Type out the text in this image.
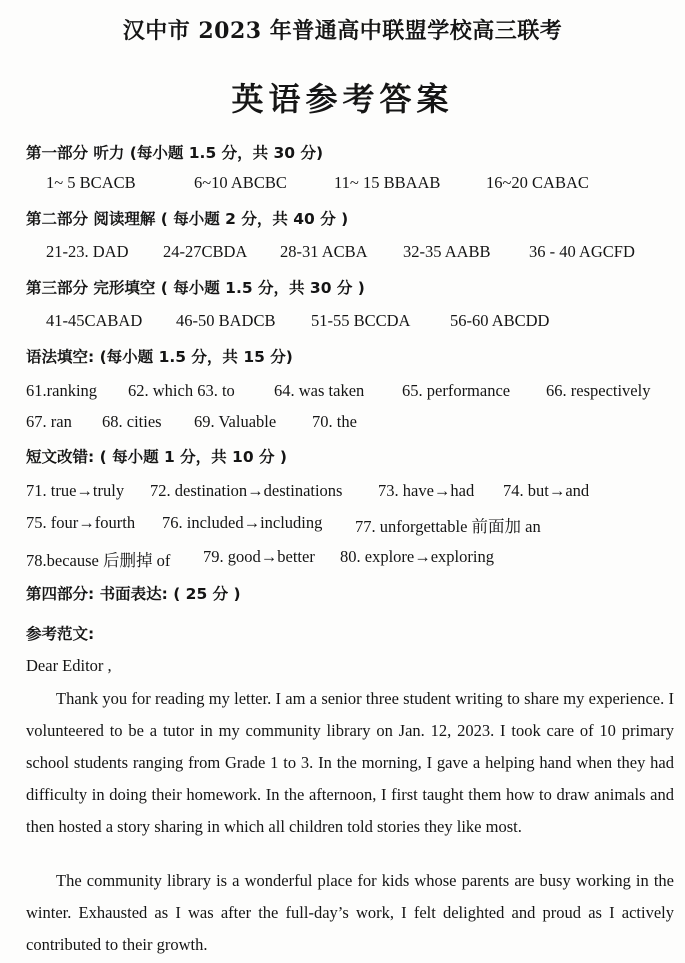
汉中市 2023 年普通高中联盟学校高三联考
英语参考答案
第一部分 听力 (每小题 1.5 分，共 30 分)
1~ 5 BCACB	6~10 ABCBC	11~ 15 BBAAB	16~20 CABAC
第二部分 阅读理解 ( 每小题 2 分，共 40 分 )
21-23. DAD 24-27CBDA 28-31 ACBA 32-35 AABB 36 - 40 AGCFD
第三部分 完形填空 ( 每小题 1.5 分，共 30 分 )
41-45CABAD 46-50 BADCB 51-55 BCCDA 56-60 ABCDD
语法填空: (每小题 1.5 分，共 15 分)
61.ranking 62. which 63. to 64. was taken 65. performance 66. respectively
67. ran 68. cities 69. Valuable 70. the
短文改错: ( 每小题 1 分，共 10 分 )
71. true→truly 72. destination→destinations 73. have→had 74. but→and
75. four→fourth 76. included→including 77. unforgettable 前面加 an
78.because 后删掉 of 79. good→better 80. explore→exploring
第四部分: 书面表达: ( 25 分 )
参考范文:
Dear Editor ,
Thank you for reading my letter. I am a senior three student writing to share my experience. I volunteered to be a tutor in my community library on Jan. 12, 2023. I took care of 10 primary school students ranging from Grade 1 to 3. In the morning, I gave a helping hand when they had difficulty in doing their homework. In the afternoon, I first taught them how to draw animals and then hosted a story sharing in which all children told stories they like most.
The community library is a wonderful place for kids whose parents are busy working in the winter. Exhausted as I was after the full-day’s work, I felt delighted and proud as I actively contributed to their growth.
